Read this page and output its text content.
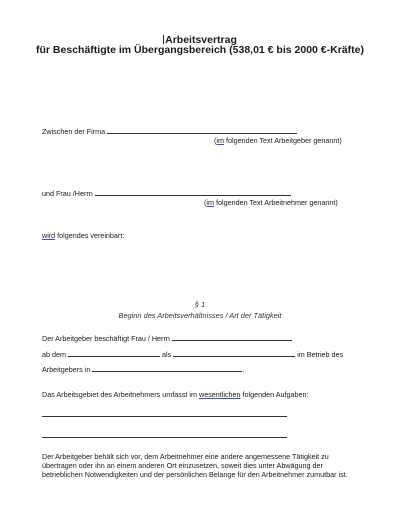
Arbeitsvertrag
für Beschäftigte im Übergangsbereich (538,01 € bis 2000 €-Kräfte)
Zwischen der Firma
(im folgenden Text Arbeitgeber genannt)
und Frau /Herrn
(im folgenden Text Arbeitnehmer genannt)
wird folgendes vereinbart:
§ 1
Beginn des Arbeitsverhältnisses / Art der Tätigkeit
Der Arbeitgeber beschäftigt Frau / Herrn
ab dem	als	im Betrieb des
Arbeitgebers in	.
Das Arbeitsgebiet des Arbeitnehmers umfasst im wesentlichen folgenden Aufgaben:
Der Arbeitgeber behält sich vor, dem Arbeitnehmer eine andere angemessene Tätigkeit zu übertragen oder ihn an einem anderen Ort einzusetzen, soweit dies unter Abwägung der betrieblichen Notwendigkeiten und der persönlichen Belange für den Arbeitnehmer zumutbar ist.
